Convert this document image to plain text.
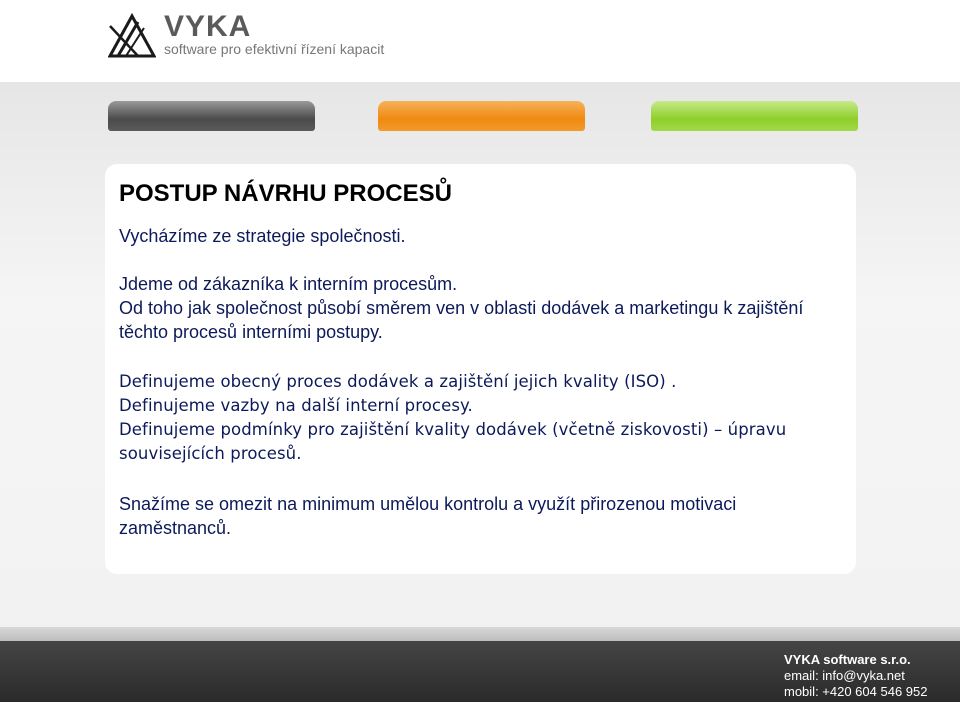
VYKA
software pro efektivní řízení kapacit
POSTUP NÁVRHU PROCESŮ

Vycházíme ze strategie společnosti.

Jdeme od zákazníka k interním procesům.

Od toho jak společnost působí směrem ven v oblasti dodávek a marketingu k zajištění těchto procesů interními postupy.

Definujeme obecný proces dodávek a zajištění jejich kvality (ISO) .

Definujeme vazby na další interní procesy.

Definujeme podmínky pro zajištění kvality dodávek (včetně ziskovosti) – úpravu souvisejících procesů.

Snažíme se omezit na minimum umělou kontrolu a využít přirozenou motivaci zaměstnanců.

VYKA software s.r.o.
email: info@vyka.net
mobil: +420 604 546 952
